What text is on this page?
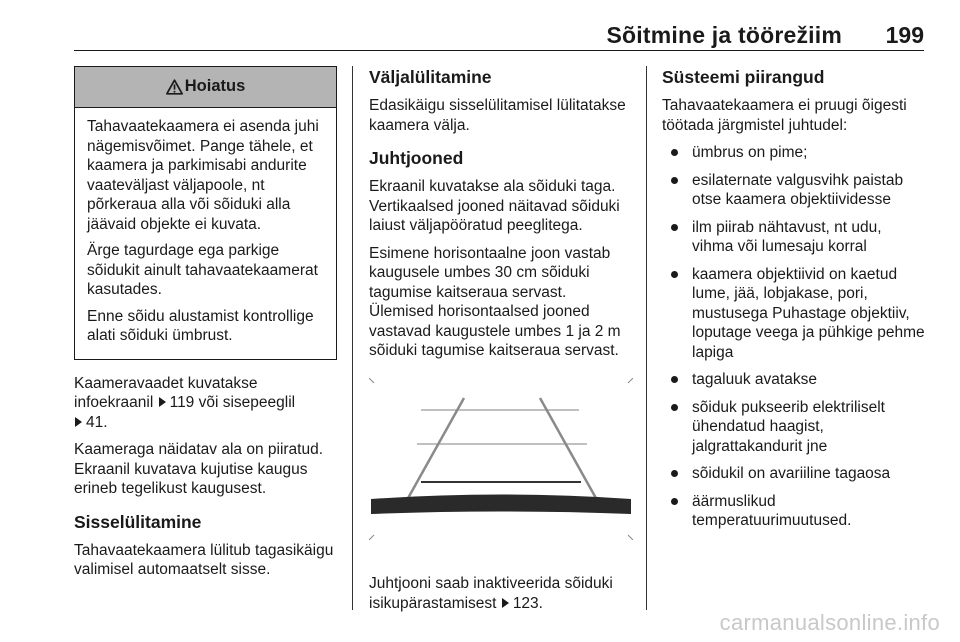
Sõitmine ja töörežiim 199
Hoiatus

Tahavaatekaamera ei asenda juhi nägemisvõimet. Pange tähele, et kaamera ja parkimisabi andurite vaateväljast väljapoole, nt põrkeraua alla või sõiduki alla jäävaid objekte ei kuvata.

Ärge tagurdage ega parkige sõidukit ainult tahavaatekaamerat kasutades.

Enne sõidu alustamist kontrollige alati sõiduki ümbrust.

Kaameravaadet kuvatakse infoekraanil 119 või sisepeeglil
41.

Kaameraga näidatav ala on piiratud. Ekraanil kuvatava kujutise kaugus erineb tegelikust kaugusest.

Sisselülitamine

Tahavaatekaamera lülitub tagasikäigu valimisel automaatselt sisse.

Väljalülitamine

Edasikäigu sisselülitamisel lülitatakse kaamera välja.

Juhtjooned

Ekraanil kuvatakse ala sõiduki taga. Vertikaalsed jooned näitavad sõiduki laiust väljapööratud peeglitega.

Esimene horisontaalne joon vastab kaugusele umbes 30 cm sõiduki tagumise kaitseraua servast. Ülemised horisontaalsed jooned vastavad kaugustele umbes 1 ja 2 m sõiduki tagumise kaitseraua servast.

Juhtjooni saab inaktiveerida sõiduki isikupärastamisest 123.

Süsteemi piirangud

Tahavaatekaamera ei pruugi õigesti töötada järgmistel juhtudel:

ümbrus on pime;
esilaternate valgusvihk paistab otse kaamera objektiividesse
ilm piirab nähtavust, nt udu, vihma või lumesaju korral
kaamera objektiivid on kaetud lume, jää, lobjakase, pori, mustusega Puhastage objektiiv, loputage veega ja pühkige pehme lapiga
tagaluuk avatakse
sõiduk pukseerib elektriliselt ühendatud haagist, jalgrattakandurit jne
sõidukil on avariiline tagaosa
äärmuslikud temperatuurimuutused.
carmanualsonline.info
